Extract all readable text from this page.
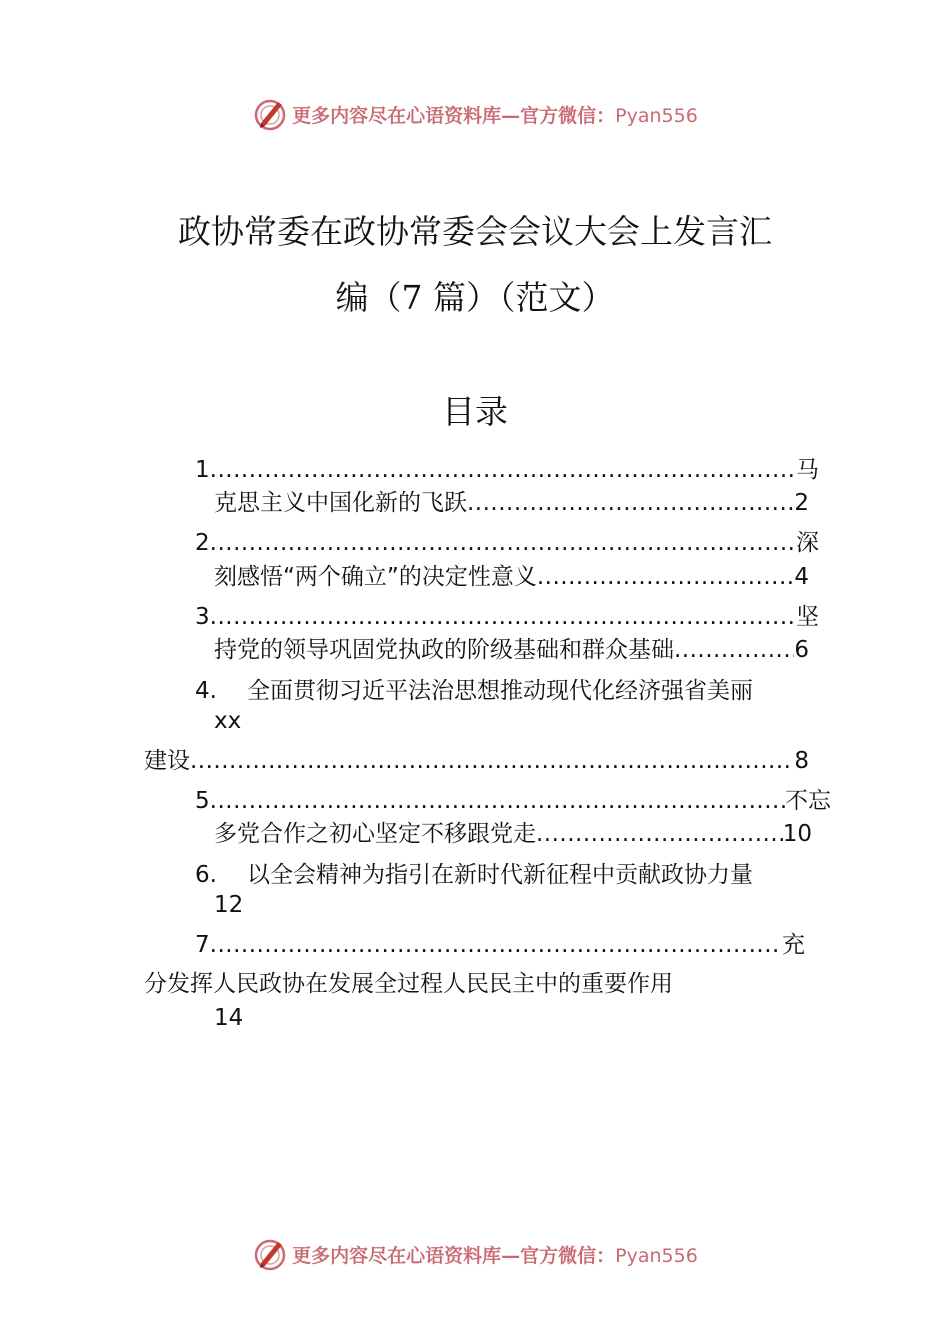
更多内容尽在心语资料库—官方微信：Pyan556
政协常委在政协常委会会议大会上发言汇
编（7 篇）（范文）
目录
1 .....	马
克思主义中国化新的飞跃 .....	2
2 .....	深
刻感悟“两个确立”的决定性意义 .....	4
3 .....	坚
持党的领导巩固党执政的阶级基础和群众基础 .....	6
4. 全面贯彻习近平法治思想推动现代化经济强省美丽
xx
建设 .....	8
5 .....	不忘
多党合作之初心坚定不移跟党走 .....	10
6. 以全会精神为指引在新时代新征程中贡献政协力量
12
7 .....	充
分发挥人民政协在发展全过程人民民主中的重要作用
14
更多内容尽在心语资料库—官方微信：Pyan556
